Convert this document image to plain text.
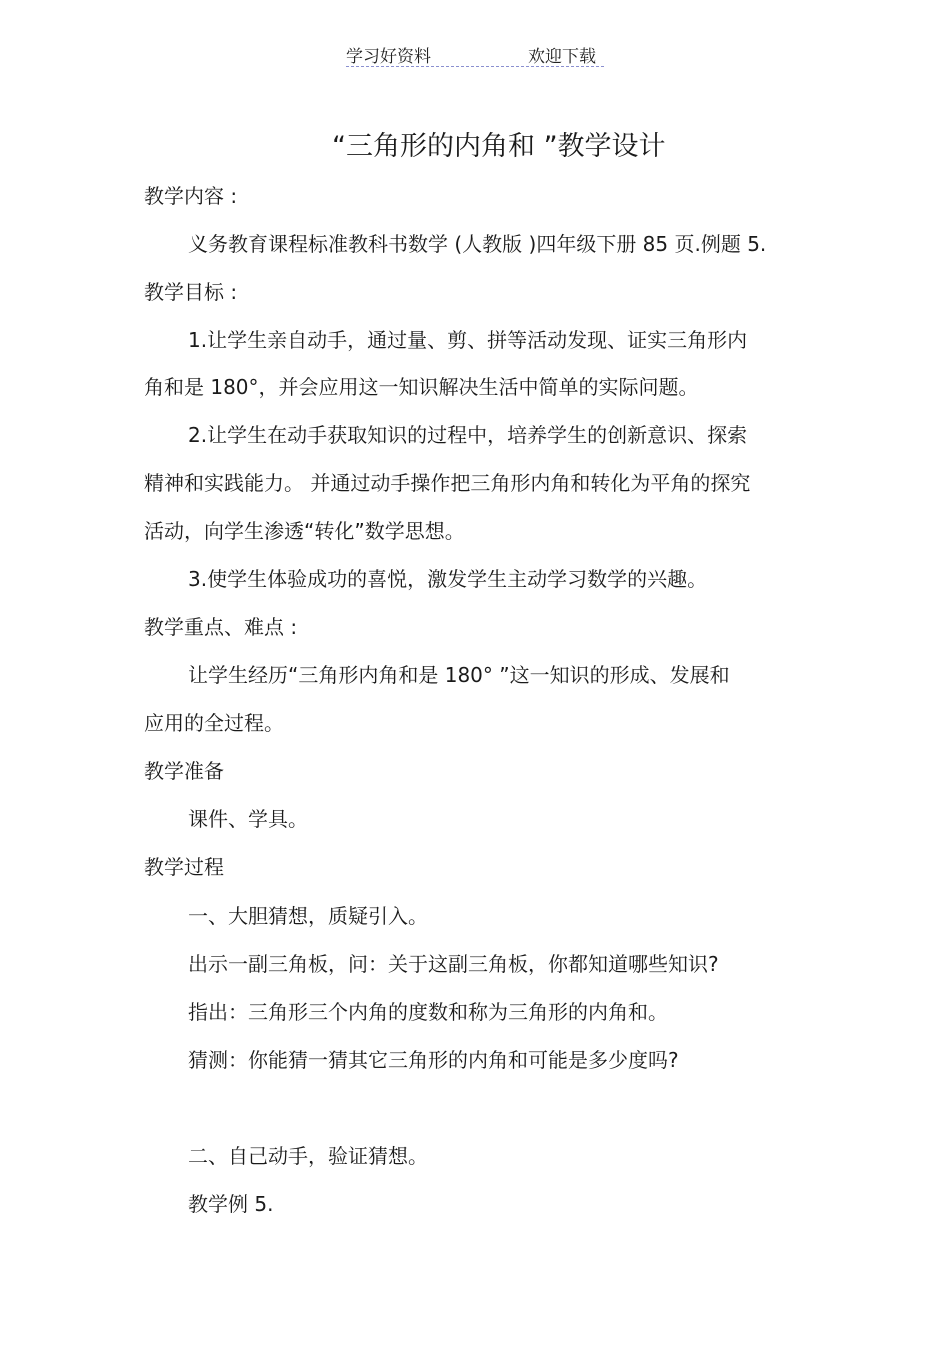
学习好资料	欢迎下载
“三角形的内角和 ”教学设计
教学内容 :
义务教育课程标准教科书数学 (人教版 )四年级下册 85 页.例题 5.
教学目标 :
1.让学生亲自动手，通过量、剪、拼等活动发现、证实三角形内
角和是 180°，并会应用这一知识解决生活中简单的实际问题。
2.让学生在动手获取知识的过程中，培养学生的创新意识、探索
精神和实践能力。 并通过动手操作把三角形内角和转化为平角的探究
活动，向学生渗透“转化”数学思想。
3.使学生体验成功的喜悦，激发学生主动学习数学的兴趣。
教学重点、难点 :
让学生经历“三角形内角和是 180° ”这一知识的形成、发展和
应用的全过程。
教学准备
课件、学具。
教学过程
一、大胆猜想，质疑引入。
出示一副三角板，问：关于这副三角板，你都知道哪些知识?
指出：三角形三个内角的度数和称为三角形的内角和。
猜测：你能猜一猜其它三角形的内角和可能是多少度吗?
二、自己动手，验证猜想。
教学例 5.
